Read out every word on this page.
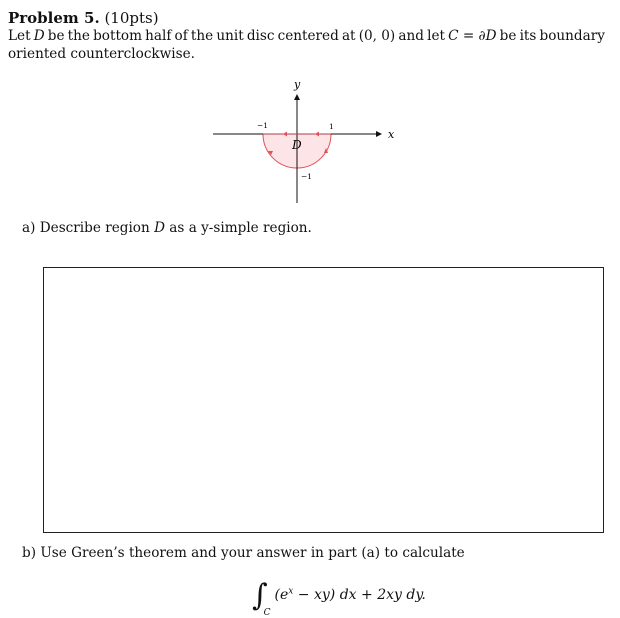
Problem 5. (10pts)
Let D be the bottom half of the unit disc centered at (0, 0) and let C = ∂D be its boundary
oriented counterclockwise.
y
x
D
−1	1
−1
a) Describe region D as a y-simple region.
b) Use Green’s theorem and your answer in part (a) to calculate
$\int_C(e^x - xy)$ dx + 2xy dy.
